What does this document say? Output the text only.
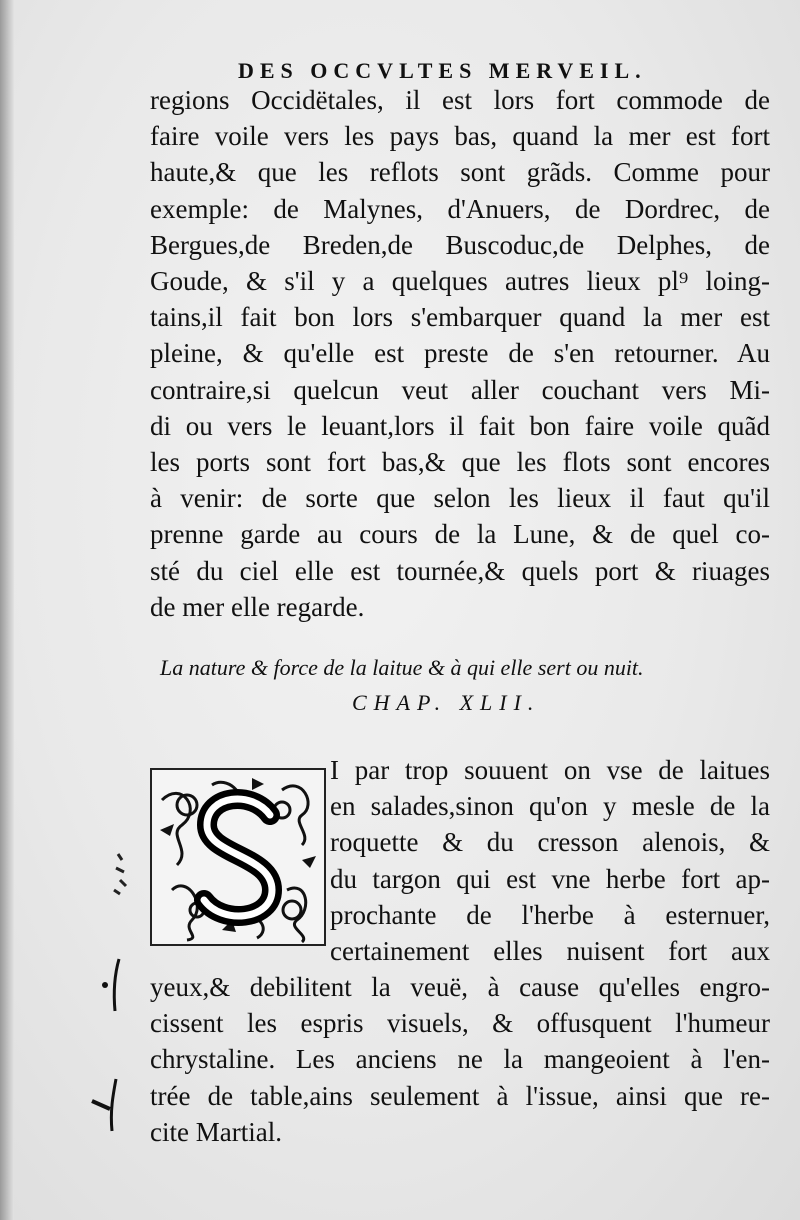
DES OCCVLTES MERVEIL.
regions Occidëtales, il est lors fort commode de
faire voile vers les pays bas, quand la mer est fort
haute,& que les reflots sont grãds. Comme pour
exemple: de Malynes, d'Anuers, de Dordrec, de
Bergues,de Breden,de Buscoduc,de Delphes, de
Goude, & s'il y a quelques autres lieux pl⁹ loing-
tains,il fait bon lors s'embarquer quand la mer est
pleine, & qu'elle est preste de s'en retourner. Au
contraire,si quelcun veut aller couchant vers Mi-
di ou vers le leuant,lors il fait bon faire voile quãd
les ports sont fort bas,& que les flots sont encores
à venir: de sorte que selon les lieux il faut qu'il
prenne garde au cours de la Lune, & de quel co-
sté du ciel elle est tournée,& quels port & riuages
de mer elle regarde.
La nature & force de la laitue & à qui elle sert ou nuit.
CHAP. XLII.
I par trop souuent on vse de laitues
en salades,sinon qu'on y mesle de la
roquette & du cresson alenois, &
du targon qui est vne herbe fort ap-
prochante de l'herbe à esternuer,
certainement elles nuisent fort aux
yeux,& debilitent la veuë, à cause qu'elles engro-
cissent les espris visuels, & offusquent l'humeur
chrystaline. Les anciens ne la mangeoient à l'en-
trée de table,ains seulement à l'issue, ainsi que re-
cite Martial.
